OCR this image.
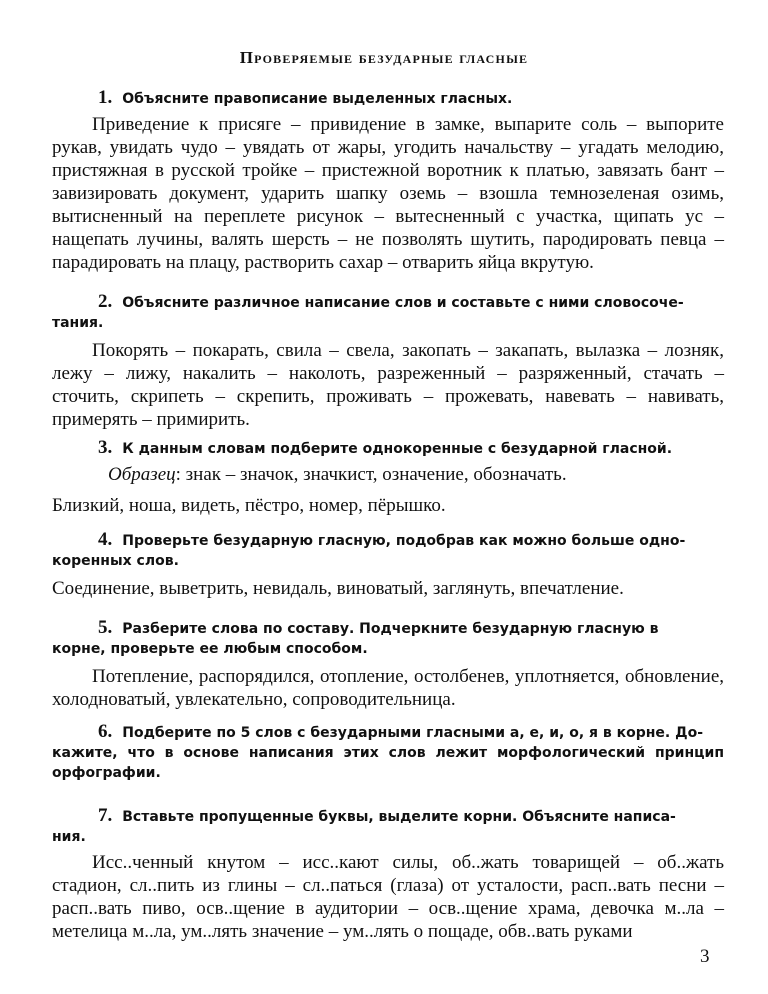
Проверяемые безударные гласные
1. Объясните правописание выделенных гласных.
Приведение к присяге – привидение в замке, выпарите соль – выпорите рукав, увидать чудо – увядать от жары, угодить начальству – угадать мелодию, пристяжная в русской тройке – пристежной воротник к платью, завязать бант – завизировать документ, ударить шапку оземь – взошла темнозеленая озимь, вытисненный на переплете рисунок – вытесненный с участка, щипать ус – нащепать лучины, валять шерсть – не позволять шутить, пародировать певца – парадировать на плацу, растворить сахар – отварить яйца вкрутую.
2. Объясните различное написание слов и составьте с ними словосоче-
тания.
Покорять – покарать, свила – свела, закопать – закапать, вылазка – лозняк, лежу – лижу, накалить – наколоть, разреженный – разряженный, стачать – сточить, скрипеть – скрепить, проживать – прожевать, навевать – навивать, примерять – примирить.
3. К данным словам подберите однокоренные с безударной гласной.
Образец: знак – значок, значкист, означение, обозначать.
Близкий, ноша, видеть, пёстро, номер, пёрышко.
4. Проверьте безударную гласную, подобрав как можно больше одно-
коренных слов.
Соединение, выветрить, невидаль, виноватый, заглянуть, впечатление.
5. Разберите слова по составу. Подчеркните безударную гласную в
корне, проверьте ее любым способом.
Потепление, распорядился, отопление, остолбенев, уплотняется, обновление, холодноватый, увлекательно, сопроводительница.
6. Подберите по 5 слов с безударными гласными а, е, и, о, я в корне. До-
кажите, что в основе написания этих слов лежит морфологический принцип орфографии.
7. Вставьте пропущенные буквы, выделите корни. Объясните написа-
ния.
Исс..ченный кнутом – исс..кают силы, об..жать товарищей – об..жать стадион, сл..пить из глины – сл..паться (глаза) от усталости, расп..вать песни – расп..вать пиво, осв..щение в аудитории – осв..щение храма, девочка м..ла – метелица м..ла, ум..лять значение – ум..лять о пощаде, обв..вать руками
3
